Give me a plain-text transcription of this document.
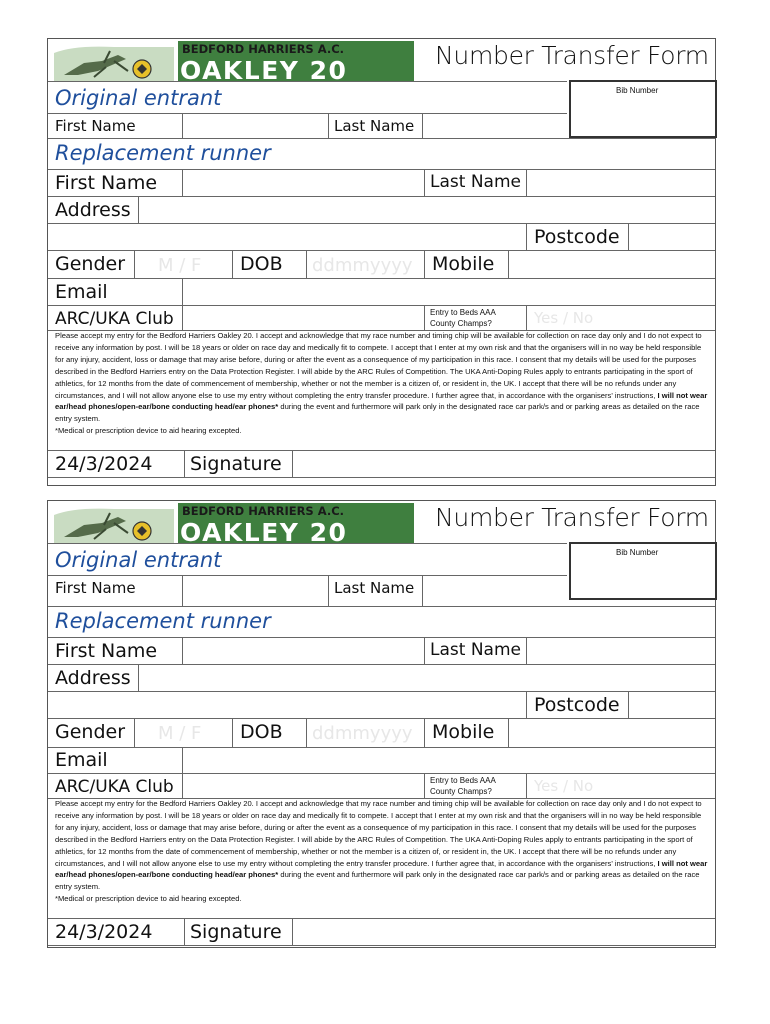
BEDFORD HARRIERS A.C.
OAKLEY 20
Number Transfer Form
Bib Number
Original entrant
First Name	Last Name
Replacement runner
First Name	Last Name
Address
Postcode
Gender M / F DOB ddmmyyyy Mobile
Email
ARC/UKA Club	Entry to Beds AAA County Champs?	Yes / No
Please accept my entry for the Bedford Harriers Oakley 20. I accept and acknowledge that my race number and timing chip will be available for collection on race day only and I do not expect to receive any information by post. I will be 18 years or older on race day and medically fit to compete. I accept that I enter at my own risk and that the organisers will in no way be held responsible for any injury, accident, loss or damage that may arise before, during or after the event as a consequence of my participation in this race. I consent that my details will be used for the purposes described in the Bedford Harriers entry on the Data Protection Register. I will abide by the ARC Rules of Competition. The UKA Anti-Doping Rules apply to entrants participating in the sport of athletics, for 12 months from the date of commencement of membership, whether or not the member is a citizen of, or resident in, the UK. I accept that there will be no refunds under any circumstances, and I will not allow anyone else to use my entry without completing the entry transfer procedure. I further agree that, in accordance with the organisers' instructions, I will not wear ear/head phones/open-ear/bone conducting head/ear phones* during the event and furthermore will park only in the designated race car park/s and or parking areas as detailed on the race entry system.
*Medical or prescription device to aid hearing excepted.
24/3/2024 Signature
BEDFORD HARRIERS A.C.
OAKLEY 20
Number Transfer Form
Bib Number
Original entrant
First Name	Last Name
Replacement runner
First Name	Last Name
Address
Postcode
Gender M / F DOB ddmmyyyy Mobile
Email
ARC/UKA Club	Entry to Beds AAA County Champs?	Yes / No
Please accept my entry for the Bedford Harriers Oakley 20. I accept and acknowledge that my race number and timing chip will be available for collection on race day only and I do not expect to receive any information by post. I will be 18 years or older on race day and medically fit to compete. I accept that I enter at my own risk and that the organisers will in no way be held responsible for any injury, accident, loss or damage that may arise before, during or after the event as a consequence of my participation in this race. I consent that my details will be used for the purposes described in the Bedford Harriers entry on the Data Protection Register. I will abide by the ARC Rules of Competition. The UKA Anti-Doping Rules apply to entrants participating in the sport of athletics, for 12 months from the date of commencement of membership, whether or not the member is a citizen of, or resident in, the UK. I accept that there will be no refunds under any circumstances, and I will not allow anyone else to use my entry without completing the entry transfer procedure. I further agree that, in accordance with the organisers' instructions, I will not wear ear/head phones/open-ear/bone conducting head/ear phones* during the event and furthermore will park only in the designated race car park/s and or parking areas as detailed on the race entry system.
*Medical or prescription device to aid hearing excepted.
24/3/2024 Signature
